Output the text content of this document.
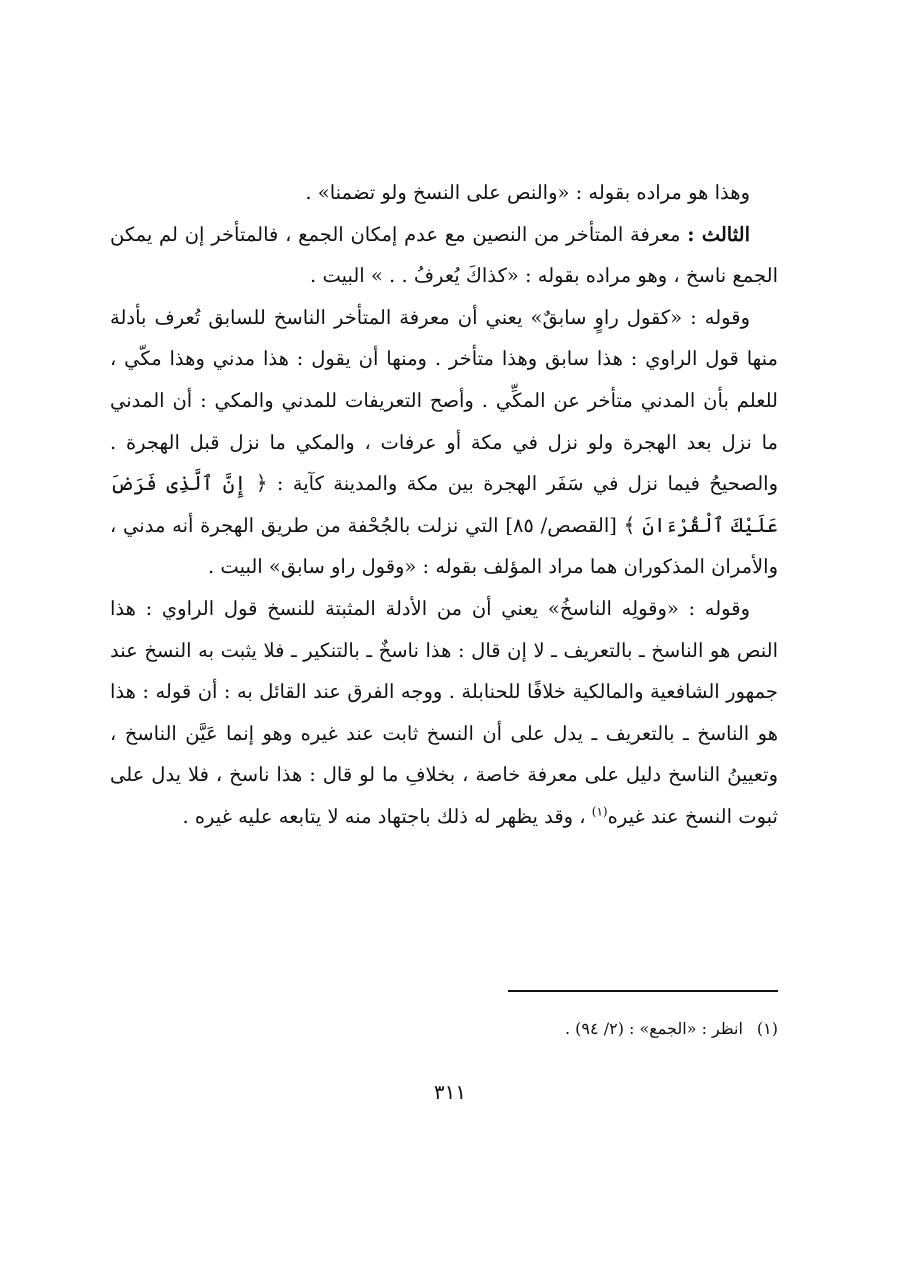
وهذا هو مراده بقوله : «والنص على النسخ ولو تضمنا» .

الثالث : معرفة المتأخر من النصين مع عدم إمكان الجمع ، فالمتأخر إن لم يمكن الجمع ناسخ ، وهو مراده بقوله : «كذاكَ يُعرفُ . . » البيت .

وقوله : «كقول راوٍ سابقٌ» يعني أن معرفة المتأخر الناسخ للسابق تُعرف بأدلة منها قول الراوي : هذا سابق وهذا متأخر . ومنها أن يقول : هذا مدني وهذا مكّي ، للعلم بأن المدني متأخر عن المكِّي . وأصح التعريفات للمدني والمكي : أن المدني ما نزل بعد الهجرة ولو نزل في مكة أو عرفات ، والمكي ما نزل قبل الهجرة . والصحيحُ فيما نزل في سَفَر الهجرة بين مكة والمدينة كآية : ﴿ إِنَّ ٱلَّذِى فَرَضَ عَلَيْكَ ٱلْقُرْءَانَ ﴾ [القصص/ ٨٥] التي نزلت بالجُحْفة من طريق الهجرة أنه مدني ، والأمران المذكوران هما مراد المؤلف بقوله : «وقول راو سابق» البيت .

وقوله : «وقولِه الناسخُ» يعني أن من الأدلة المثبتة للنسخ قول الراوي : هذا النص هو الناسخ ـ بالتعريف ـ لا إن قال : هذا ناسخٌ ـ بالتنكير ـ فلا يثبت به النسخ عند جمهور الشافعية والمالكية خلافًا للحنابلة . ووجه الفرق عند القائل به : أن قوله : هذا هو الناسخ ـ بالتعريف ـ يدل على أن النسخ ثابت عند غيره وهو إنما عَيَّن الناسخ ، وتعيينُ الناسخ دليل على معرفة خاصة ، بخلافِ ما لو قال : هذا ناسخ ، فلا يدل على ثبوت النسخ عند غيره$^{(١)}$ ، وقد يظهر له ذلك باجتهاد منه لا يتابعه عليه غيره .

(١)انظر : «الجمع» : (٢/ ٩٤) .
٣١١
